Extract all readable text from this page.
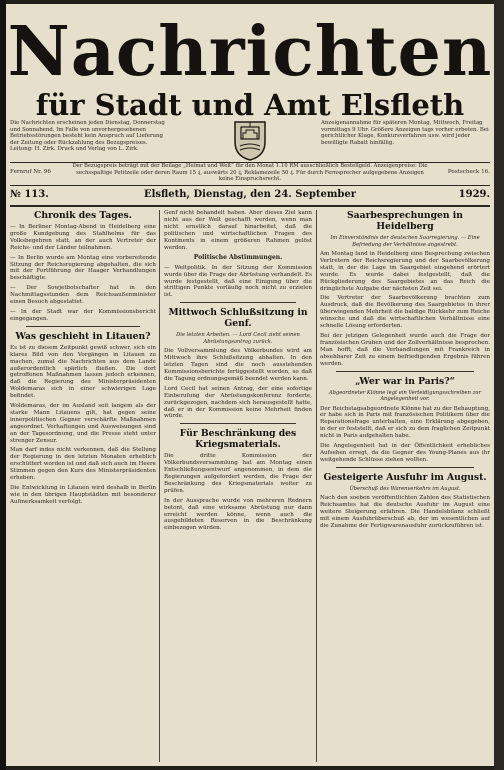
Nachrichten
für Stadt und Amt Elsfleth
Die Nachrichten erscheinen jeden Dienstag, Donnerstag und Sonnabend. Im Falle von unvorhergesehenen Betriebsstörungen besteht kein Anspruch auf Lieferung der Zeitung oder Rückzahlung des Bezugspreises. Leitung: H. Zirk. Druck und Verlag von L. Zirk.
Anzeigenannahme für späteren Montag, Mittwoch, Freitag vormittags 9 Uhr. Größere Anzeigen tags vorher erbeten. Bei gerichtlicher Klage, Konkursverfahren usw. wird jeder bewilligte Rabatt hinfällig.
Fernruf Nr. 96
Der Bezugspreis beträgt mit der Beilage „Heimat und Welt“ für den Monat 1.10 RM ausschließlich Bestellgeld. Anzeigenpreise: Die sechsspaltige Petitzeile oder deren Raum 15 ₰, auswärts 20 ₰, Reklamezeile 50 ₰. Für durch Fernsprecher aufgegebene Anzeigen keine Einspruchsrecht.
Postscheck 16.
№ 113.	Elsfleth, Dienstag, den 24. September	1929.
Chronik des Tages.

— In Berliner Montag-Abend in Heidelberg eine große Kundgebung des Stahlhelms für das Volksbegehren statt, an der auch Vertreter der Reichs- und der Länder teilnahmen.

— In Berlin wurde am Montag eine vorbereitende Sitzung der Reichsregierung abgehalten, die sich mit der Fortführung der Haager Verhandlungen beschäftigte.

— Der Sowjetbotschafter hat in den Nachmittagsstunden dem Reichsaußenminister einen Besuch abgestattet.

— In der Stadt war der Kommissionsbericht eingegangen.

Was geschieht in Litauen?

Es ist zu diesem Zeitpunkt gewiß schwer, sich ein klares Bild von den Vorgängen in Litauen zu machen, zumal die Nachrichten aus dem Lande außerordentlich spärlich fließen. Die dort getroffenen Maßnahmen lassen jedoch erkennen, daß die Regierung des Ministerpräsidenten Woldemaras sich in einer schwierigen Lage befindet.

Woldemaras, der im Ausland seit langem als der starke Mann Litauens gilt, hat gegen seine innerpolitischen Gegner verschärfte Maßnahmen angeordnet. Verhaftungen und Ausweisungen sind an der Tagesordnung, und die Presse steht unter strenger Zensur.

Man darf indes nicht verkennen, daß die Stellung der Regierung in den letzten Monaten erheblich erschüttert worden ist und daß sich auch im Heere Stimmen gegen den Kurs des Ministerpräsidenten erheben.

Die Entwicklung in Litauen wird deshalb in Berlin wie in den übrigen Hauptstädten mit besonderer Aufmerksamkeit verfolgt.

Genf nicht behandelt haben. Aber dieses Ziel kann nicht aus der Welt geschafft werden, wenn man nicht ernstlich darauf hinarbeitet, daß die politischen und wirtschaftlichen Fragen des Kontinents in einem größeren Rahmen gelöst werden.

Politische Abstimmungen.

— Weltpolitik. In der Sitzung der Kommission wurde über die Frage der Abrüstung verhandelt. Es wurde festgestellt, daß eine Einigung über die strittigen Punkte vorläufig noch nicht zu erzielen ist.

Mittwoch Schlußsitzung in Genf.

Die letzten Arbeiten. — Lord Cecil zieht seinen Abrüstungsantrag zurück.

Die Vollversammlung des Völkerbundes wird am Mittwoch ihre Schlußsitzung abhalten. In den letzten Tagen sind die noch ausstehenden Kommissionsberichte fertiggestellt worden, so daß die Tagung ordnungsgemäß beendet werden kann.

Lord Cecil hat seinen Antrag, der eine sofortige Einberufung der Abrüstungskonferenz forderte, zurückgezogen, nachdem sich herausgestellt hatte, daß er in der Kommission keine Mehrheit finden würde.

Für Beschränkung des Kriegsmaterials.

Die dritte Kommission der Völkerbundsversammlung hat am Montag einen Entschließungsentwurf angenommen, in dem die Regierungen aufgefordert werden, die Frage der Beschränkung des Kriegsmaterials weiter zu prüfen.

In der Aussprache wurde von mehreren Rednern betont, daß eine wirksame Abrüstung nur dann erreicht werden könne, wenn auch die ausgebildeten Reserven in die Beschränkung einbezogen würden.

Saarbesprechungen in Heidelberg

Im Einverständnis der deutschen Saarregierung. — Eine Befriedung der Verhältnisse angestrebt.

Am Montag fand in Heidelberg eine Besprechung zwischen Vertretern der Reichsregierung und der Saarbevölkerung statt, in der die Lage im Saargebiet eingehend erörtert wurde. Es wurde dabei festgestellt, daß die Rückgliederung des Saargebietes an das Reich die dringlichste Aufgabe der nächsten Zeit sei.

Die Vertreter der Saarbevölkerung brachten zum Ausdruck, daß die Bevölkerung des Saargebietes in ihrer überwiegenden Mehrheit die baldige Rückkehr zum Reiche wünsche und daß die wirtschaftlichen Verhältnisse eine schnelle Lösung erforderten.

Bei der jetzigen Gelegenheit wurde auch die Frage der französischen Gruben und der Zollverhältnisse besprochen. Man hofft, daß die Verhandlungen mit Frankreich in absehbarer Zeit zu einem befriedigenden Ergebnis führen werden.

„Wer war in Paris?“

Abgeordneter Klönne legt ein Verteidigungsschreiben zur Angelegenheit vor.

Der Reichstagsabgeordnete Klönne hat zu der Behauptung, er habe sich in Paris mit französischen Politikern über die Reparationsfrage unterhalten, eine Erklärung abgegeben, in der er feststellt, daß er sich zu dem fraglichen Zeitpunkt nicht in Paris aufgehalten habe.

Die Angelegenheit hat in der Öffentlichkeit erhebliches Aufsehen erregt, da die Gegner des Young-Planes aus ihr weitgehende Schlüsse ziehen wollten.

Gesteigerte Ausfuhr im August.

Überschuß des Warenverkehrs im August.

Nach den soeben veröffentlichten Zahlen des Statistischen Reichsamtes hat die deutsche Ausfuhr im August eine weitere Steigerung erfahren. Die Handelsbilanz schließt mit einem Ausfuhrüberschuß ab, der im wesentlichen auf die Zunahme der Fertigwarenausfuhr zurückzuführen ist.
